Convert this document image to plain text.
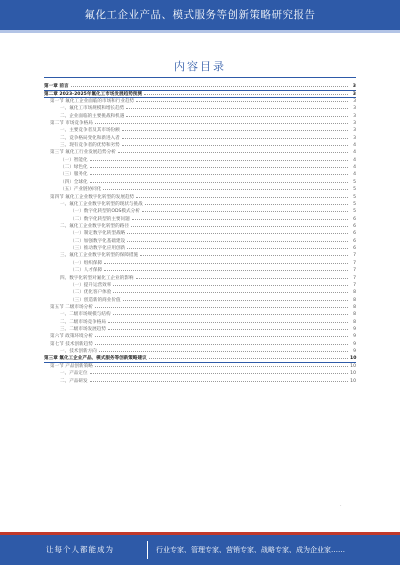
氟化工企业产品、模式服务等创新策略研究报告
内容目录
第一章 前言	3
第二章 2023-2025年氟化工市场发展趋势预测	3
第一节 氟化工企业面临的市场和行业趋势	3
一、氟化工市场规模和增长趋势	3
二、企业面临的主要挑战和机遇	3
第二节 市场竞争格局	3
一、主要竞争者及其市场份额	3
二、竞争格局变化和新进入者	3
三、现有竞争者的优势和劣势	4
第三节 氟化工行业发展趋势分析	4
（一）智能化	4
（二）绿色化	4
（三）服务化	4
（四）全球化	5
（五）产业链协同化	5
第四节 氟化工企业数字化转型的发展趋势	5
一、氟化工企业数字化转型的现状与挑战	5
（一）数字化转型的ODS模式分析	5
（二）数字化转型的主要问题	6
二、氟化工企业数字化转型的路径	6
（一）制定数字化转型战略	6
（二）加强数字化基础建设	6
（三）推动数字化应用创新	6
三、氟化工企业数字化转型的保障措施	7
（一）组织保障	7
（二）人才保障	7
四、数字化转型对氟化工企业的影响	7
（一）提升运营效率	7
（二）优化客户体验	8
（三）创造新的商业价值	8
第五节 二级市场分析	8
一、二级市场规模与结构	8
二、二级市场竞争格局	8
三、二级市场发展趋势	9
第六节 政策环境分析	9
第七节 技术创新趋势	9
一、技术创新方向	9
第三章 氟化工企业产品、模式服务等创新策略建议	10
第一节 产品创新策略	10
一、产品定位	10
二、产品研发	10
·
让每个人都能成为	行业专家、管理专家、营销专家、战略专家、成为企业家……
